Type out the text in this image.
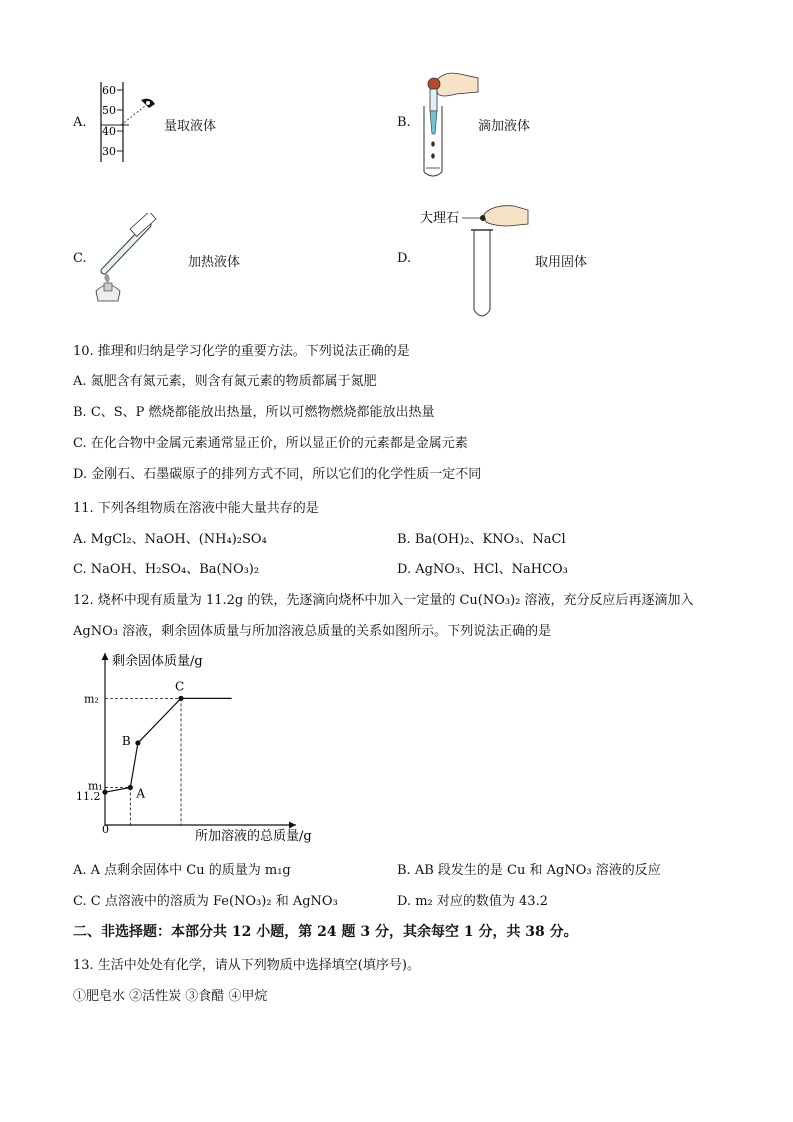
A.
60
50
40
30
量取液体	B.	滴加液体
C.	加热液体	D.
大理石
取用固体
10. 推理和归纳是学习化学的重要方法。下列说法正确的是
A. 氮肥含有氮元素，则含有氮元素的物质都属于氮肥
B. C、S、P 燃烧都能放出热量，所以可燃物燃烧都能放出热量
C. 在化合物中金属元素通常显正价，所以显正价的元素都是金属元素
D. 金刚石、石墨碳原子的排列方式不同，所以它们的化学性质一定不同
11. 下列各组物质在溶液中能大量共存的是
A. MgCl₂、NaOH、(NH₄)₂SO₄	B. Ba(OH)₂、KNO₃、NaCl
C. NaOH、H₂SO₄、Ba(NO₃)₂	D. AgNO₃、HCl、NaHCO₃
12. 烧杯中现有质量为 11.2g 的铁，先逐滴向烧杯中加入一定量的 Cu(NO₃)₂ 溶液，充分反应后再逐滴加入
AgNO₃ 溶液，剩余固体质量与所加溶液总质量的关系如图所示。下列说法正确的是
剩余固体质量/g
所加溶液的总质量/g
0
m₂
m₁
11.2	A
B
C
A. A 点剩余固体中 Cu 的质量为 m₁g	B. AB 段发生的是 Cu 和 AgNO₃ 溶液的反应
C. C 点溶液中的溶质为 Fe(NO₃)₂ 和 AgNO₃	D. m₂ 对应的数值为 43.2
二、非选择题：本部分共 12 小题，第 24 题 3 分，其余每空 1 分，共 38 分。
13. 生活中处处有化学，请从下列物质中选择填空(填序号)。
①肥皂水 ②活性炭 ③食醋 ④甲烷
